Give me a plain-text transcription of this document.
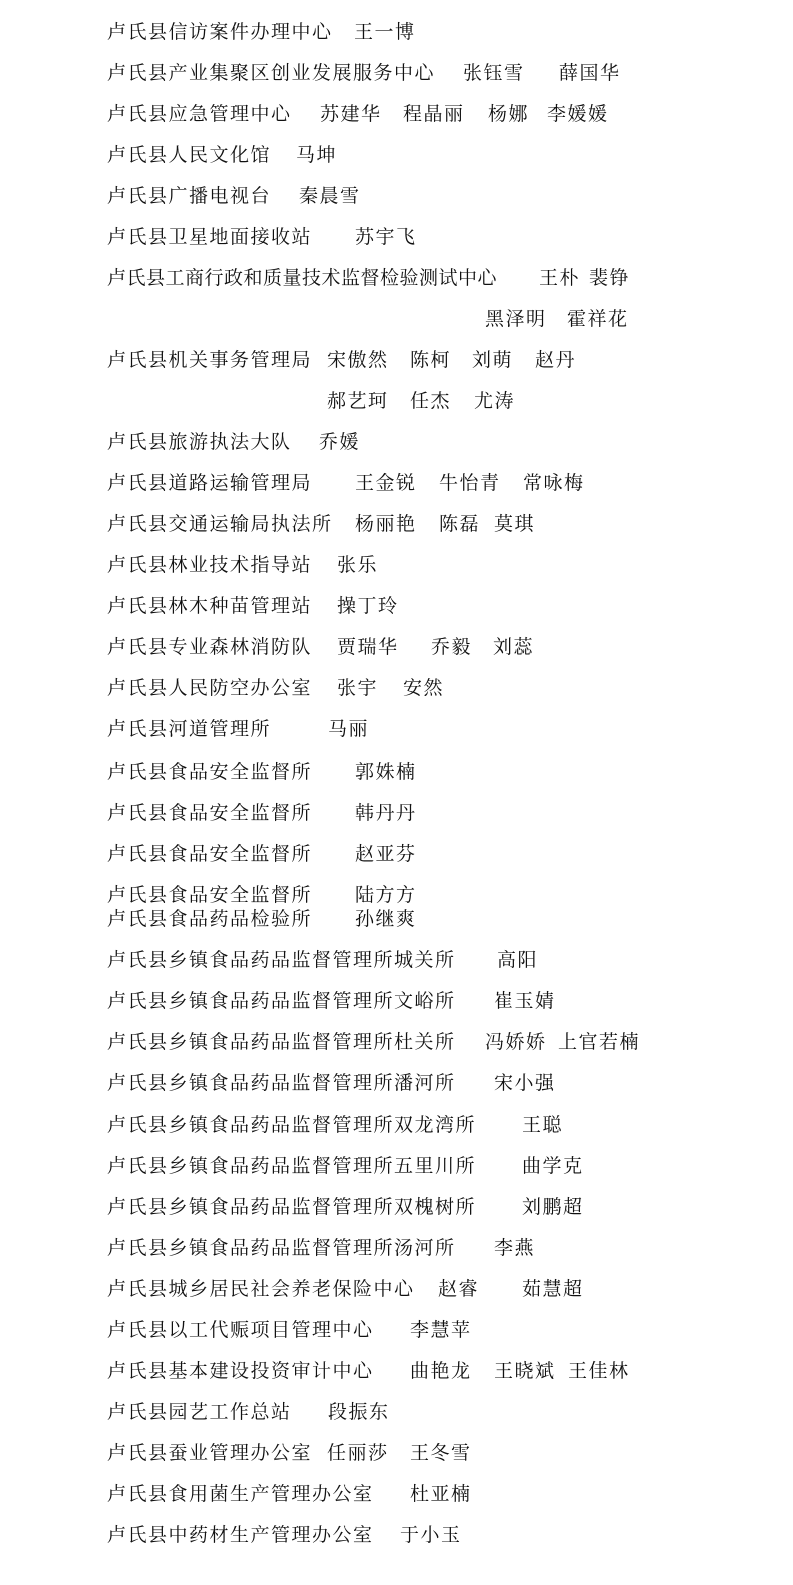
卢氏县信访案件办理中心 王一博
卢氏县产业集聚区创业发展服务中心 张钰雪 薛国华
卢氏县应急管理中心 苏建华 程晶丽 杨娜 李媛媛
卢氏县人民文化馆 马坤
卢氏县广播电视台 秦晨雪
卢氏县卫星地面接收站 苏宇飞
卢氏县工商行政和质量技术监督检验测试中心 王朴 裴铮
黑泽明 霍祥花
卢氏县机关事务管理局 宋傲然 陈柯 刘萌 赵丹
郝艺珂 任杰 尤涛
卢氏县旅游执法大队 乔媛
卢氏县道路运输管理局 王金锐 牛怡青 常咏梅
卢氏县交通运输局执法所 杨丽艳 陈磊 莫琪
卢氏县林业技术指导站 张乐
卢氏县林木种苗管理站 操丁玲
卢氏县专业森林消防队 贾瑞华 乔毅 刘蕊
卢氏县人民防空办公室 张宇 安然
卢氏县河道管理所	马丽
卢氏县食品安全监督所 郭姝楠
卢氏县食品安全监督所 韩丹丹
卢氏县食品安全监督所 赵亚芬
卢氏县食品安全监督所 陆方方
卢氏县食品药品检验所 孙继爽
卢氏县乡镇食品药品监督管理所城关所 高阳
卢氏县乡镇食品药品监督管理所文峪所 崔玉婧
卢氏县乡镇食品药品监督管理所杜关所 冯娇娇 上官若楠
卢氏县乡镇食品药品监督管理所潘河所 宋小强
卢氏县乡镇食品药品监督管理所双龙湾所 王聪
卢氏县乡镇食品药品监督管理所五里川所 曲学克
卢氏县乡镇食品药品监督管理所双槐树所 刘鹏超
卢氏县乡镇食品药品监督管理所汤河所 李燕
卢氏县城乡居民社会养老保险中心 赵睿 茹慧超
卢氏县以工代赈项目管理中心 李慧苹
卢氏县基本建设投资审计中心 曲艳龙 王晓斌 王佳林
卢氏县园艺工作总站 段振东
卢氏县蚕业管理办公室 任丽莎 王冬雪
卢氏县食用菌生产管理办公室 杜亚楠
卢氏县中药材生产管理办公室 于小玉
